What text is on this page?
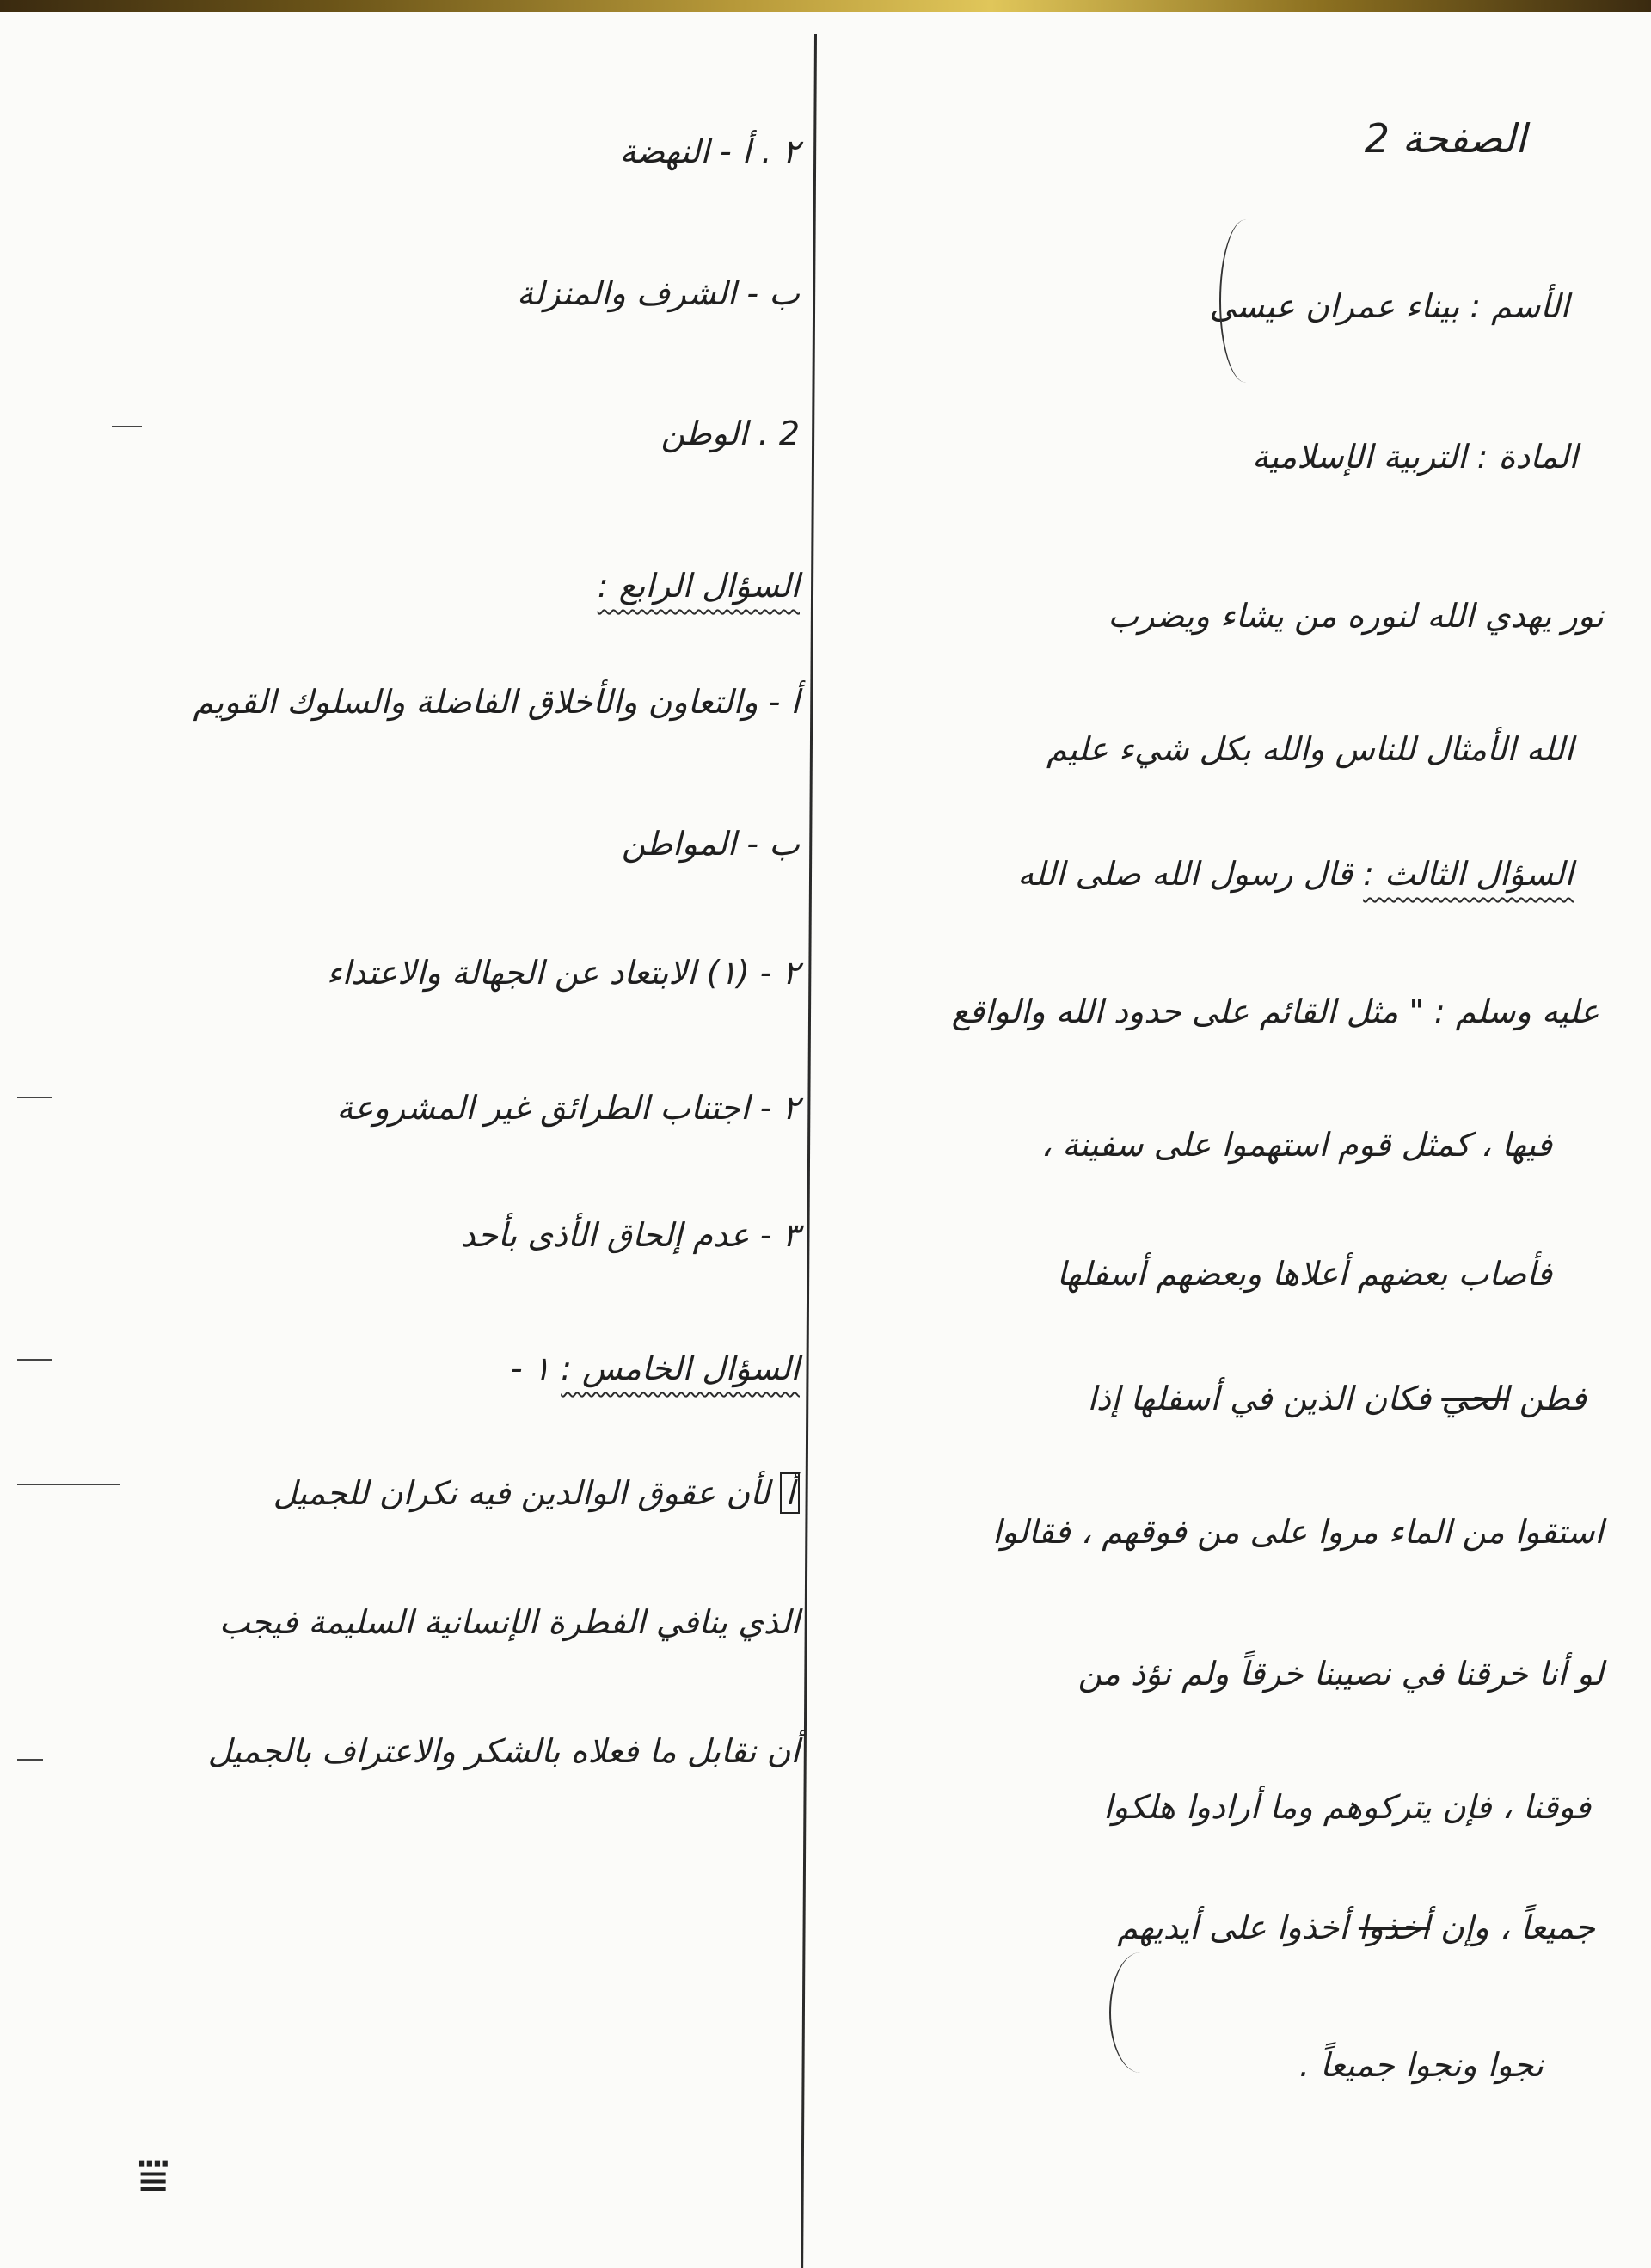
الصفحة 2
الأسم : بيناء عمران عيسى
المادة : التربية الإسلامية
نور يهدي الله لنوره من يشاء ويضرب
الله الأمثال للناس والله بكل شيء عليم
السؤال الثالث : قال رسول الله صلى الله
عليه وسلم : " مثل القائم على حدود الله والواقع
فيها ، كمثل قوم استهموا على سفينة ،
فأصاب بعضهم أعلاها وبعضهم أسفلها
فطن الحي فكان الذين في أسفلها إذا
استقوا من الماء مروا على من فوقهم ، فقالوا
لو أنا خرقنا في نصيبنا خرقاً ولم نؤذ من
فوقنا ، فإن يتركوهم وما أرادوا هلكوا
جميعاً ، وإن أخذوا أخذوا على أيديهم
نجوا ونجوا جميعاً .
٢ . أ - النهضة
ب - الشرف والمنزلة
2 . الوطن
السؤال الرابع :
أ - والتعاون والأخلاق الفاضلة والسلوك القويم
ب - المواطن
٢ - (١) الابتعاد عن الجهالة والاعتداء
٢ - اجتناب الطرائق غير المشروعة
٣ - عدم إلحاق الأذى بأحد
السؤال الخامس : ١ -
أ لأن عقوق الوالدين فيه نكران للجميل
الذي ينافي الفطرة الإنسانية السليمة فيجب
أن نقابل ما فعلاه بالشكر والاعتراف بالجميل
⩸
